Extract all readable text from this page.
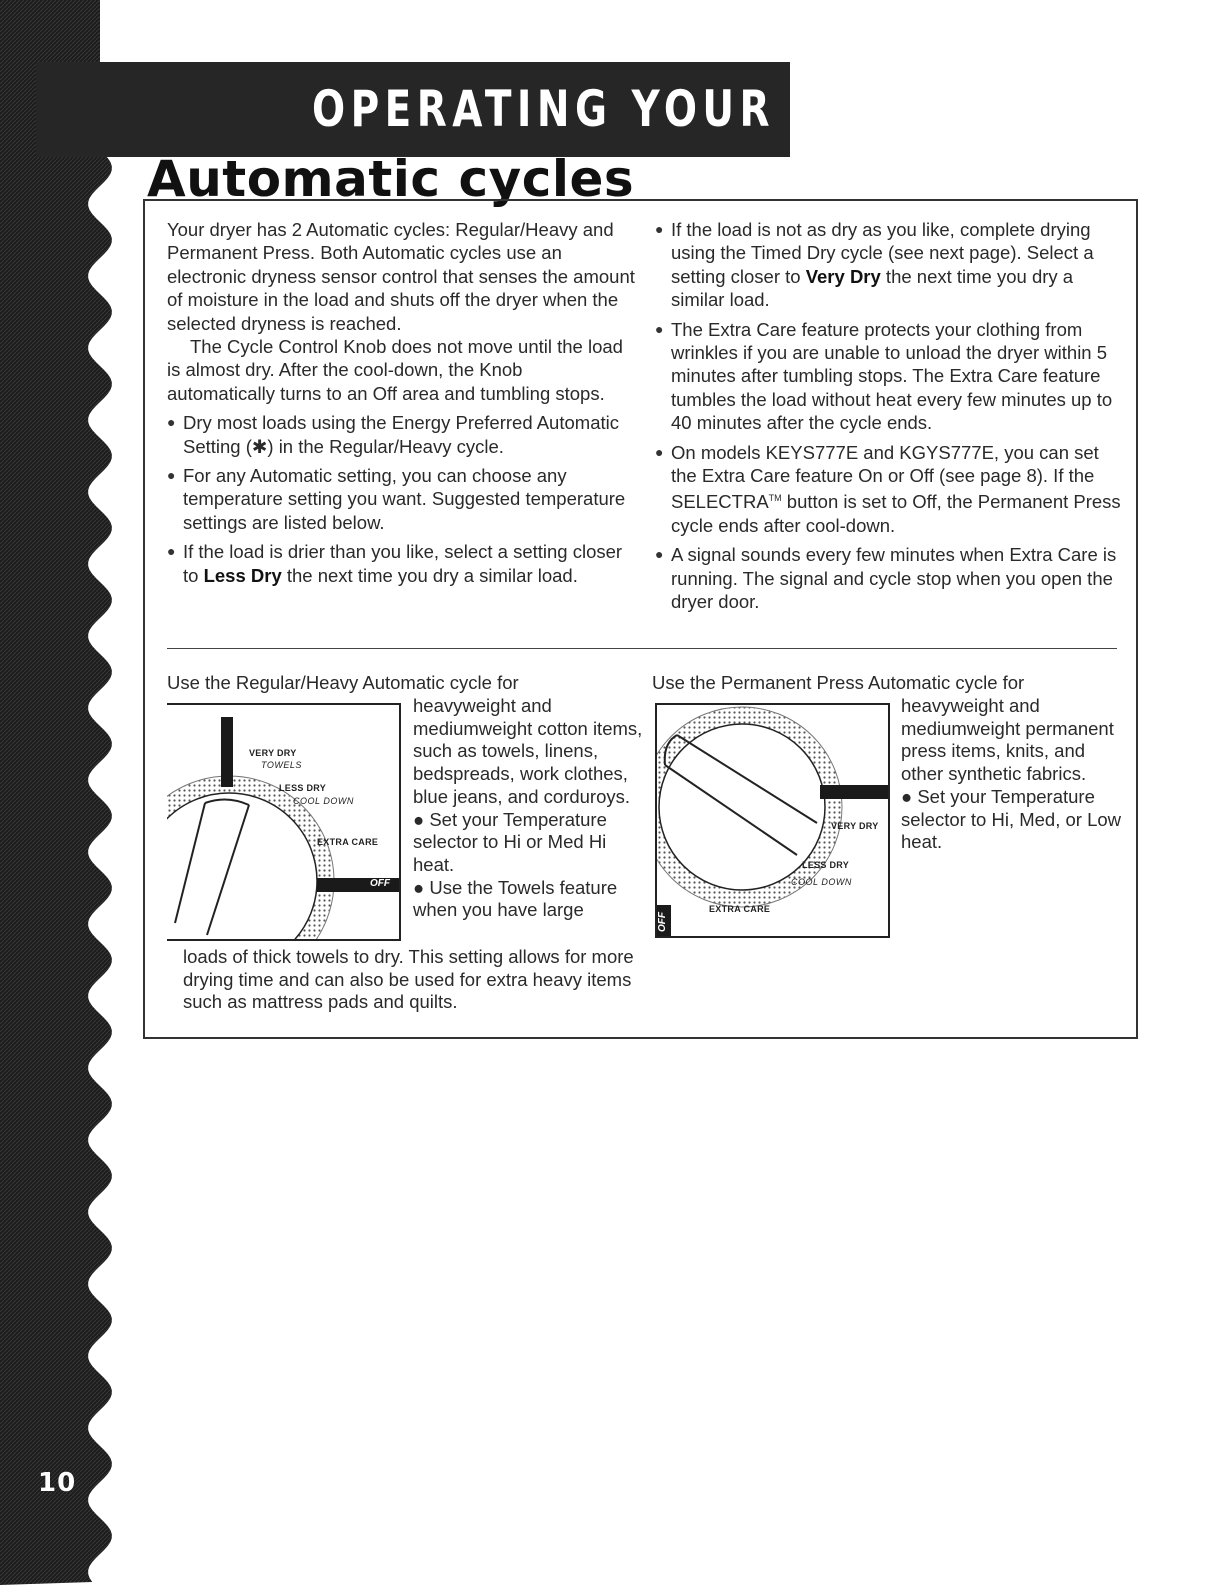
OPERATING YOUR DRYER
Automatic cycles

Your dryer has 2 Automatic cycles: Regular/Heavy and Permanent Press. Both Automatic cycles use an electronic dryness sensor control that senses the amount of moisture in the load and shuts off the dryer when the selected dryness is reached.

The Cycle Control Knob does not move until the load is almost dry. After the cool-down, the Knob automatically turns to an Off area and tumbling stops.

● Dry most loads using the Energy Preferred Automatic Setting (✱) in the Regular/Heavy cycle.
● For any Automatic setting, you can choose any temperature setting you want. Suggested temperature settings are listed below.
● If the load is drier than you like, select a setting closer to Less Dry the next time you dry a similar load.
● If the load is not as dry as you like, complete drying using the Timed Dry cycle (see next page). Select a setting closer to Very Dry the next time you dry a similar load.
● The Extra Care feature protects your clothing from wrinkles if you are unable to unload the dryer within 5 minutes after tumbling stops. The Extra Care feature tumbles the load without heat every few minutes up to 40 minutes after the cycle ends.
● On models KEYS777E and KGYS777E, you can set the Extra Care feature On or Off (see page 8). If the SELECTRA™ button is set to Off, the Permanent Press cycle ends after cool-down.
● A signal sounds every few minutes when Extra Care is running. The signal and cycle stop when you open the dryer door.
Use the Regular/Heavy Automatic cycle for

heavyweight and mediumweight cotton items, such as towels, linens, bedspreads, work clothes, blue jeans, and corduroys.

● Set your Temperature selector to Hi or Med Hi heat.

● Use the Towels feature when you have large

loads of thick towels to dry. This setting allows for more drying time and can also be used for extra heavy items such as mattress pads and quilts.
VERY DRY
TOWELS
LESS DRY
COOL DOWN
EXTRA CARE
OFF
Use the Permanent Press Automatic cycle for

heavyweight and mediumweight permanent press items, knits, and other synthetic fabrics.

● Set your Temperature selector to Hi, Med, or Low heat.

VERY DRY
LESS DRY
COOL DOWN
EXTRA CARE
OFF
10
